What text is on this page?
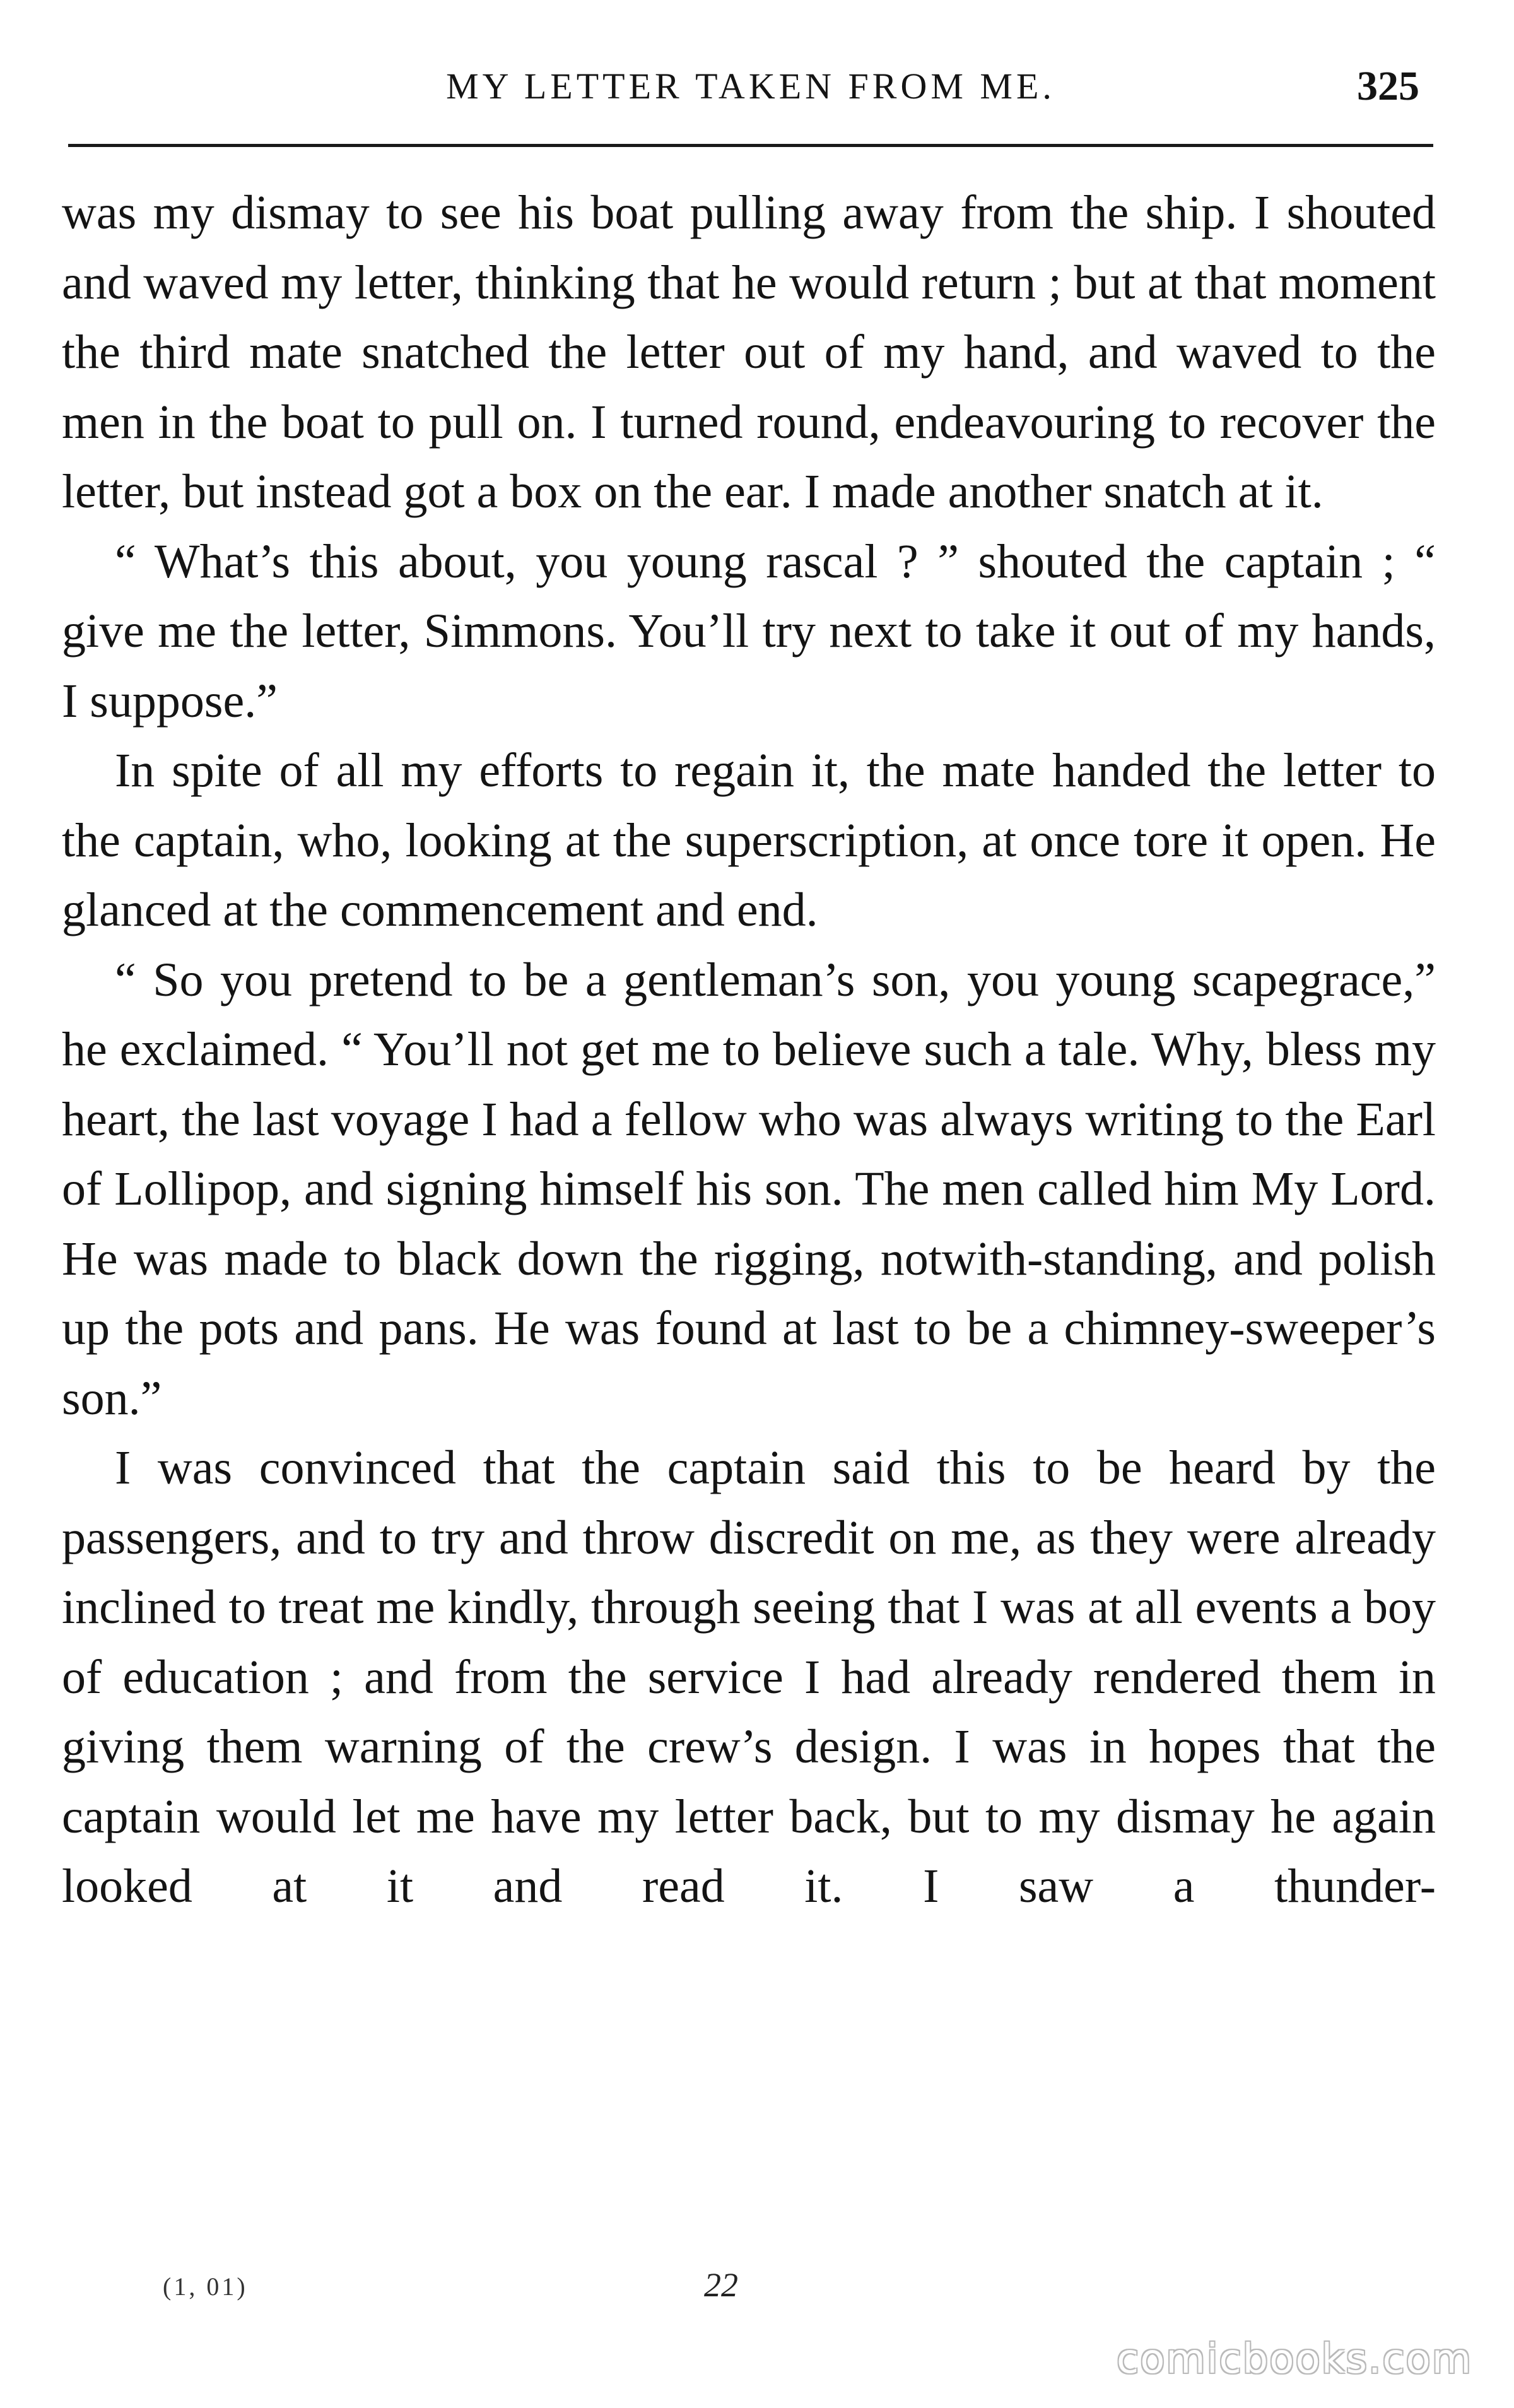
MY LETTER TAKEN FROM ME.	325

was my dismay to see his boat pulling away from the ship. I shouted and waved my letter, thinking that he would return ; but at that moment the third mate snatched the letter out of my hand, and waved to the men in the boat to pull on. I turned round, endeavouring to recover the letter, but instead got a box on the ear. I made another snatch at it.

“ What’s this about, you young rascal ? ” shouted the captain ; “ give me the letter, Simmons. You’ll try next to take it out of my hands, I suppose.”

In spite of all my efforts to regain it, the mate handed the letter to the captain, who, looking at the superscription, at once tore it open. He glanced at the commencement and end.

“ So you pretend to be a gentleman’s son, you young scapegrace,” he exclaimed. “ You’ll not get me to believe such a tale. Why, bless my heart, the last voyage I had a fellow who was always writing to the Earl of Lollipop, and signing himself his son. The men called him My Lord. He was made to black down the rigging, notwith-standing, and polish up the pots and pans. He was found at last to be a chimney-sweeper’s son.”

I was convinced that the captain said this to be heard by the passengers, and to try and throw discredit on me, as they were already inclined to treat me kindly, through seeing that I was at all events a boy of education ; and from the service I had already rendered them in giving them warning of the crew’s design. I was in hopes that the captain would let me have my letter back, but to my dismay he again looked at it and read it. I saw a thunder-

(1, 01)	22
comicbooks.com
